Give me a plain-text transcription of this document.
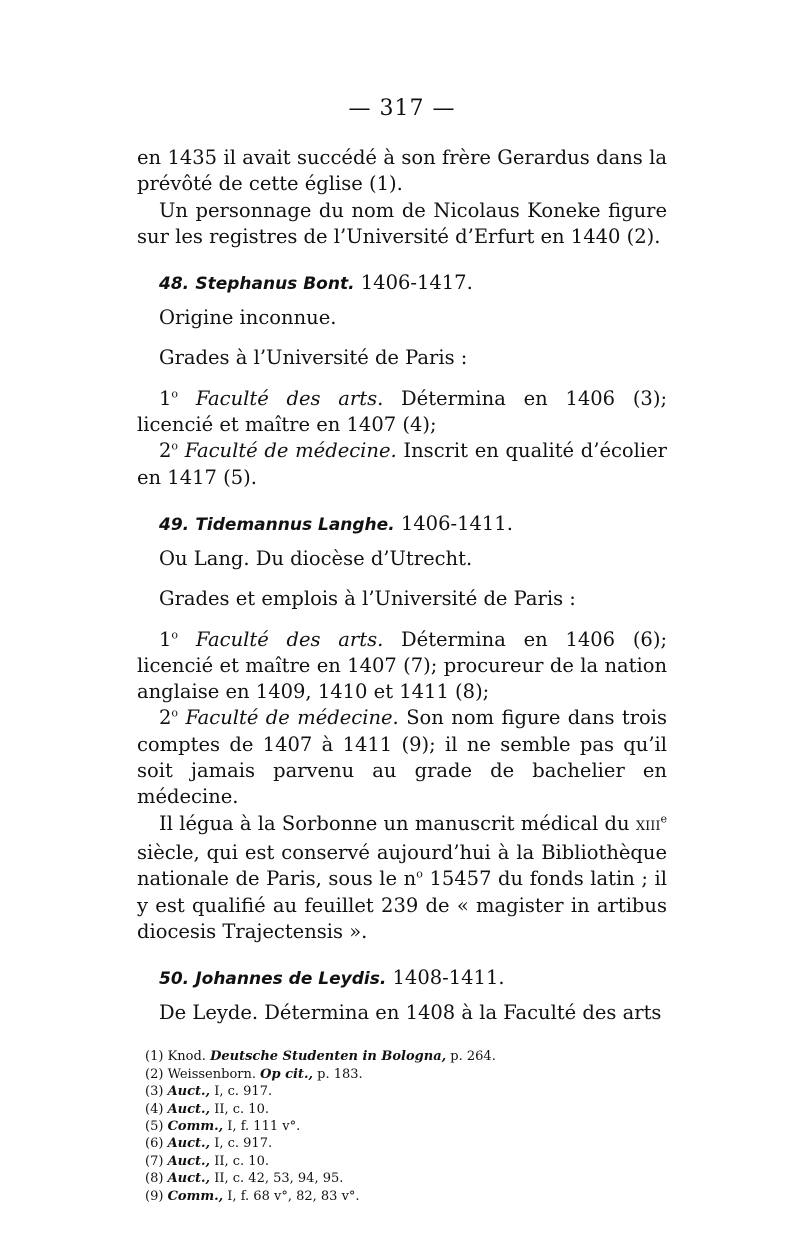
— 317 —

en 1435 il avait succédé à son frère Gerardus dans la prévôté de cette église (1).

Un personnage du nom de Nicolaus Koneke figure sur les registres de l’Université d’Erfurt en 1440 (2).

48. Stephanus Bont. 1406-1417.

Origine inconnue.

Grades à l’Université de Paris :

1$^o$ Faculté des arts. Détermina en 1406 (3); licencié et maître en 1407 (4);

2$^o$ Faculté de médecine. Inscrit en qualité d’écolier en 1417 (5).

49. Tidemannus Langhe. 1406-1411.

Ou Lang. Du diocèse d’Utrecht.

Grades et emplois à l’Université de Paris :

1$^o$ Faculté des arts. Détermina en 1406 (6); licencié et maître en 1407 (7); procureur de la nation anglaise en 1409, 1410 et 1411 (8);

2$^o$ Faculté de médecine. Son nom figure dans trois comptes de 1407 à 1411 (9); il ne semble pas qu’il soit jamais parvenu au grade de bachelier en médecine.

Il légua à la Sorbonne un manuscrit médical du XIIIe siècle, qui est conservé aujourd’hui à la Bibliothèque nationale de Paris, sous le $n^o$ 15457 du fonds latin ; il y est qualifié au feuillet 239 de « magister in artibus diocesis Trajectensis ».

50. Johannes de Leydis. 1408-1411.

De Leyde. Détermina en 1408 à la Faculté des arts

(1) Knod. Deutsche Studenten in Bologna, p. 264.

(2) Weissenborn. Op cit., p. 183.

(3) Auct., I, c. 917.

(4) Auct., II, c. 10.

(5) Comm., I, f. 111 v°.

(6) Auct., I, c. 917.

(7) Auct., II, c. 10.

(8) Auct., II, c. 42, 53, 94, 95.

(9) Comm., I, f. 68 v°, 82, 83 v°.
